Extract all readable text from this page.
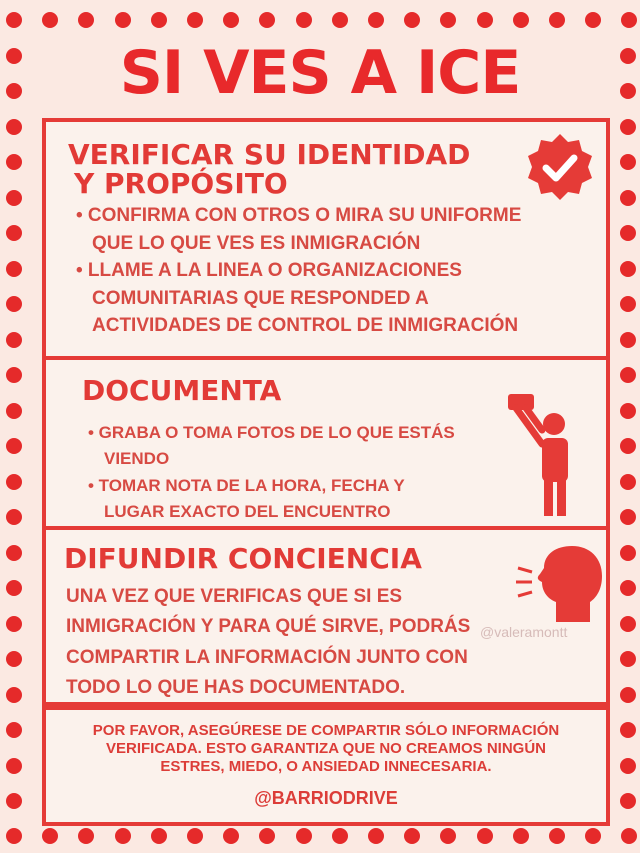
SI VES A ICE
VERIFICAR SU IDENTIDAD
Y PROPÓSITO
• CONFIRMA CON OTROS O MIRA SU UNIFORME
QUE LO QUE VES ES INMIGRACIÓN
• LLAME A LA LINEA O ORGANIZACIONES
COMUNITARIAS QUE RESPONDED A
ACTIVIDADES DE CONTROL DE INMIGRACIÓN
DOCUMENTA
• GRABA O TOMA FOTOS DE LO QUE ESTÁS
VIENDO
• TOMAR NOTA DE LA HORA, FECHA Y
LUGAR EXACTO DEL ENCUENTRO
DIFUNDIR CONCIENCIA
UNA VEZ QUE VERIFICAS QUE SI ES
INMIGRACIÓN Y PARA QUÉ SIRVE, PODRÁS
COMPARTIR LA INFORMACIÓN JUNTO CON
TODO LO QUE HAS DOCUMENTADO.
POR FAVOR, ASEGÚRESE DE COMPARTIR SÓLO INFORMACIÓN
VERIFICADA. ESTO GARANTIZA QUE NO CREAMOS NINGÚN
ESTRES, MIEDO, O ANSIEDAD INNECESARIA.
@BARRIODRIVE
@valeramontt
